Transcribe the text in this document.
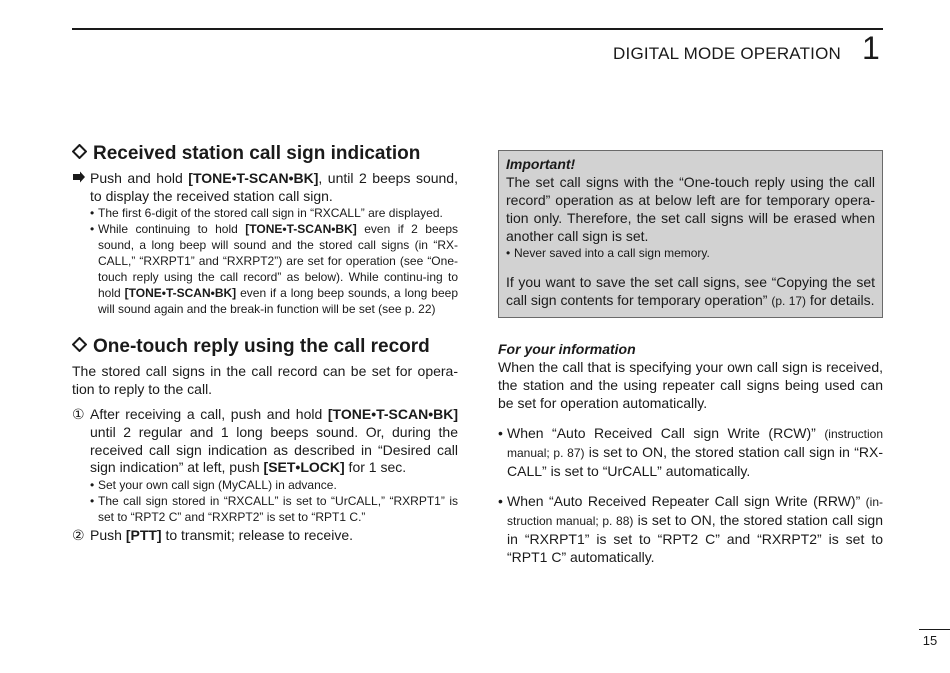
DIGITAL MODE OPERATION 1
Received station call sign indication

Push and hold [TONE•T-SCAN•BK], until 2 beeps sound, to display the received station call sign.

• The first 6-digit of the stored call sign in “RXCALL” are displayed.

• While continuing to hold [TONE•T-SCAN•BK] even if 2 beeps sound, a long beep will sound and the stored call signs (in “RX-CALL,” “RXRPT1” and “RXRPT2”) are set for operation (see “One-touch reply using the call record” as below). While continu-ing to hold [TONE•T-SCAN•BK] even if a long beep sounds, a long beep will sound again and the break-in function will be set (see p. 22)

One-touch reply using the call record

The stored call signs in the call record can be set for opera-tion to reply to the call.

① After receiving a call, push and hold [TONE•T-SCAN•BK] until 2 regular and 1 long beeps sound. Or, during the received call sign indication as described in “Desired call sign indication” at left, push [SET•LOCK] for 1 sec.

• Set your own call sign (MyCALL) in advance.

• The call sign stored in “RXCALL” is set to “UrCALL,” “RXRPT1” is set to “RPT2 C” and “RXRPT2” is set to “RPT1 C.”

② Push [PTT] to transmit; release to receive.

Important!

The set call signs with the “One-touch reply using the call record” operation as at below left are for temporary opera-tion only. Therefore, the set call signs will be erased when another call sign is set.

• Never saved into a call sign memory.

If you want to save the set call signs, see “Copying the set call sign contents for temporary operation” (p. 17) for details.

For your information

When the call that is specifying your own call sign is received, the station and the using repeater call signs being used can be set for operation automatically.

• When “Auto Received Call sign Write (RCW)” (instruction manual; p. 87) is set to ON, the stored station call sign in “RX-CALL” is set to “UrCALL” automatically.
• When “Auto Received Repeater Call sign Write (RRW)” (in-struction manual; p. 88) is set to ON, the stored station call sign in “RXRPT1” is set to “RPT2 C” and “RXRPT2” is set to “RPT1 C” automatically.
15
